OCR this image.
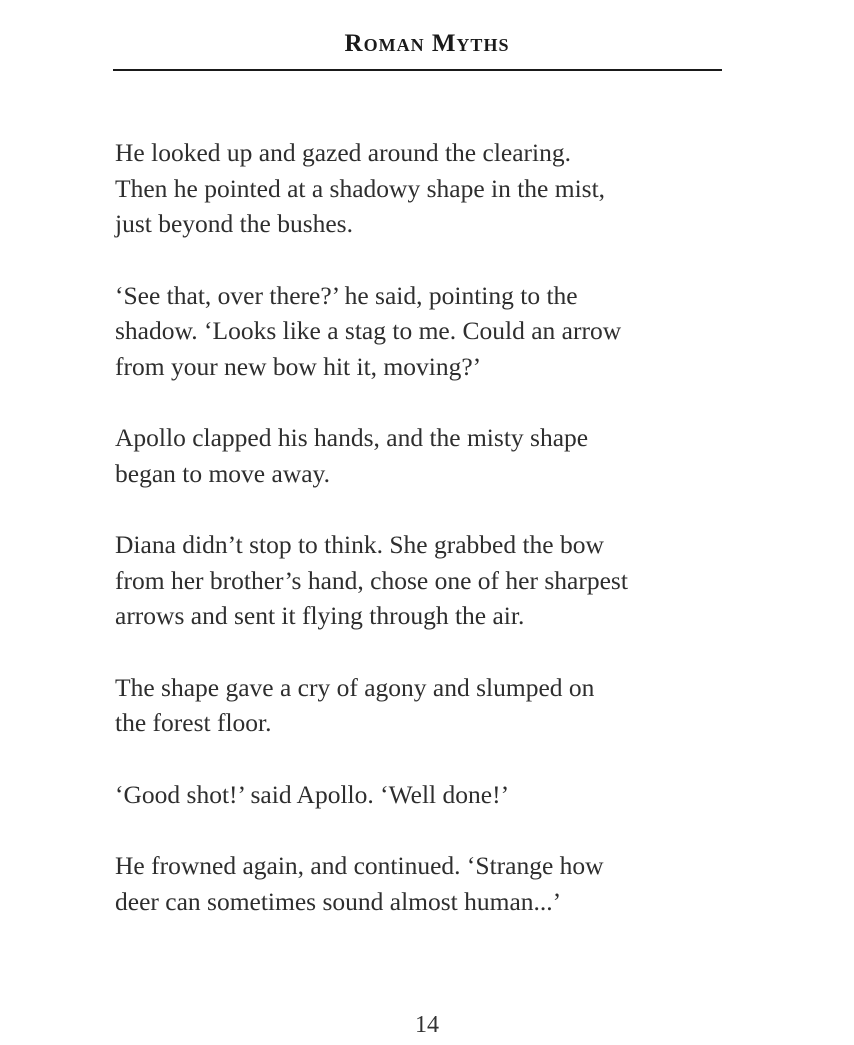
Roman Myths

He looked up and gazed around the clearing.
Then he pointed at a shadowy shape in the mist,
just beyond the bushes.

‘See that, over there?’ he said, pointing to the
shadow. ‘Looks like a stag to me. Could an arrow
from your new bow hit it, moving?’

Apollo clapped his hands, and the misty shape
began to move away.

Diana didn’t stop to think. She grabbed the bow
from her brother’s hand, chose one of her sharpest
arrows and sent it flying through the air.

The shape gave a cry of agony and slumped on
the forest floor.

‘Good shot!’ said Apollo. ‘Well done!’

He frowned again, and continued. ‘Strange how
deer can sometimes sound almost human...’

14
